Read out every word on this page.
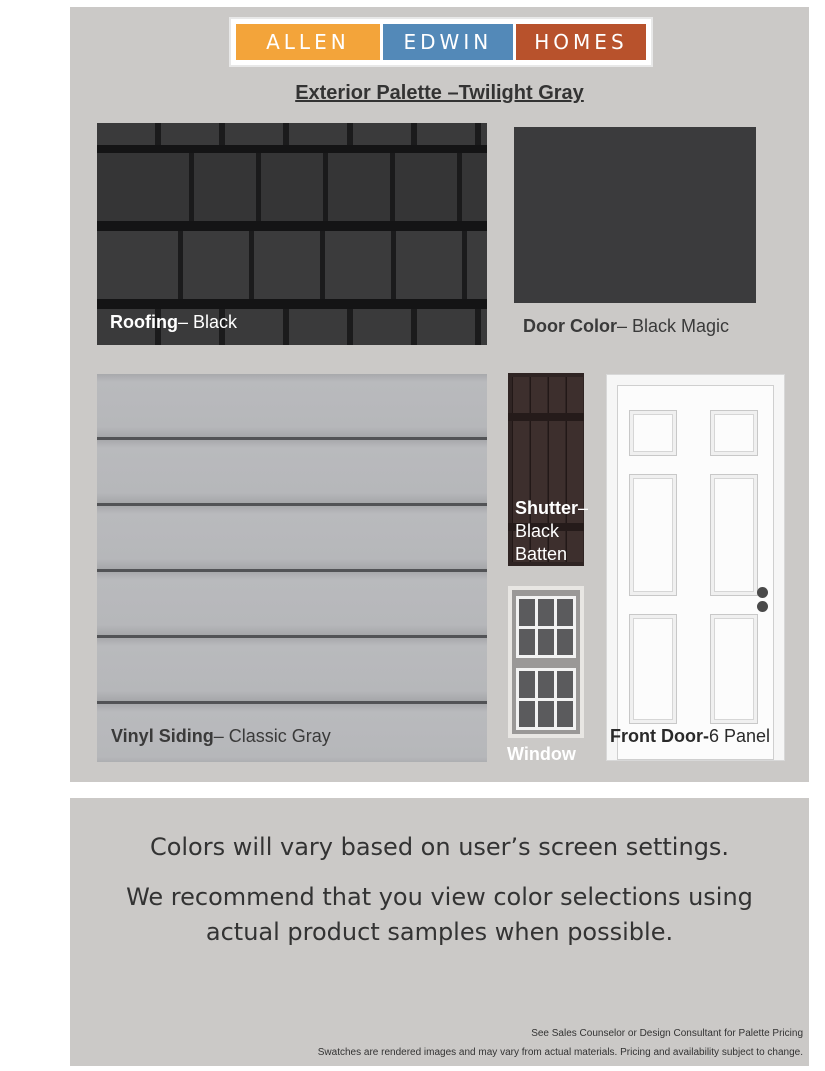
ALLEN	EDWIN	HOMES
Exterior Palette –Twilight Gray
Roofing– Black	Door Color– Black Magic
Vinyl Siding– Classic Gray
Shutter–
Black
Batten
Window
Front Door-6 Panel
Colors will vary based on user’s screen settings.
We recommend that you view color selections using
actual product samples when possible.
See Sales Counselor or Design Consultant for Palette Pricing
Swatches are rendered images and may vary from actual materials. Pricing and availability subject to change.
